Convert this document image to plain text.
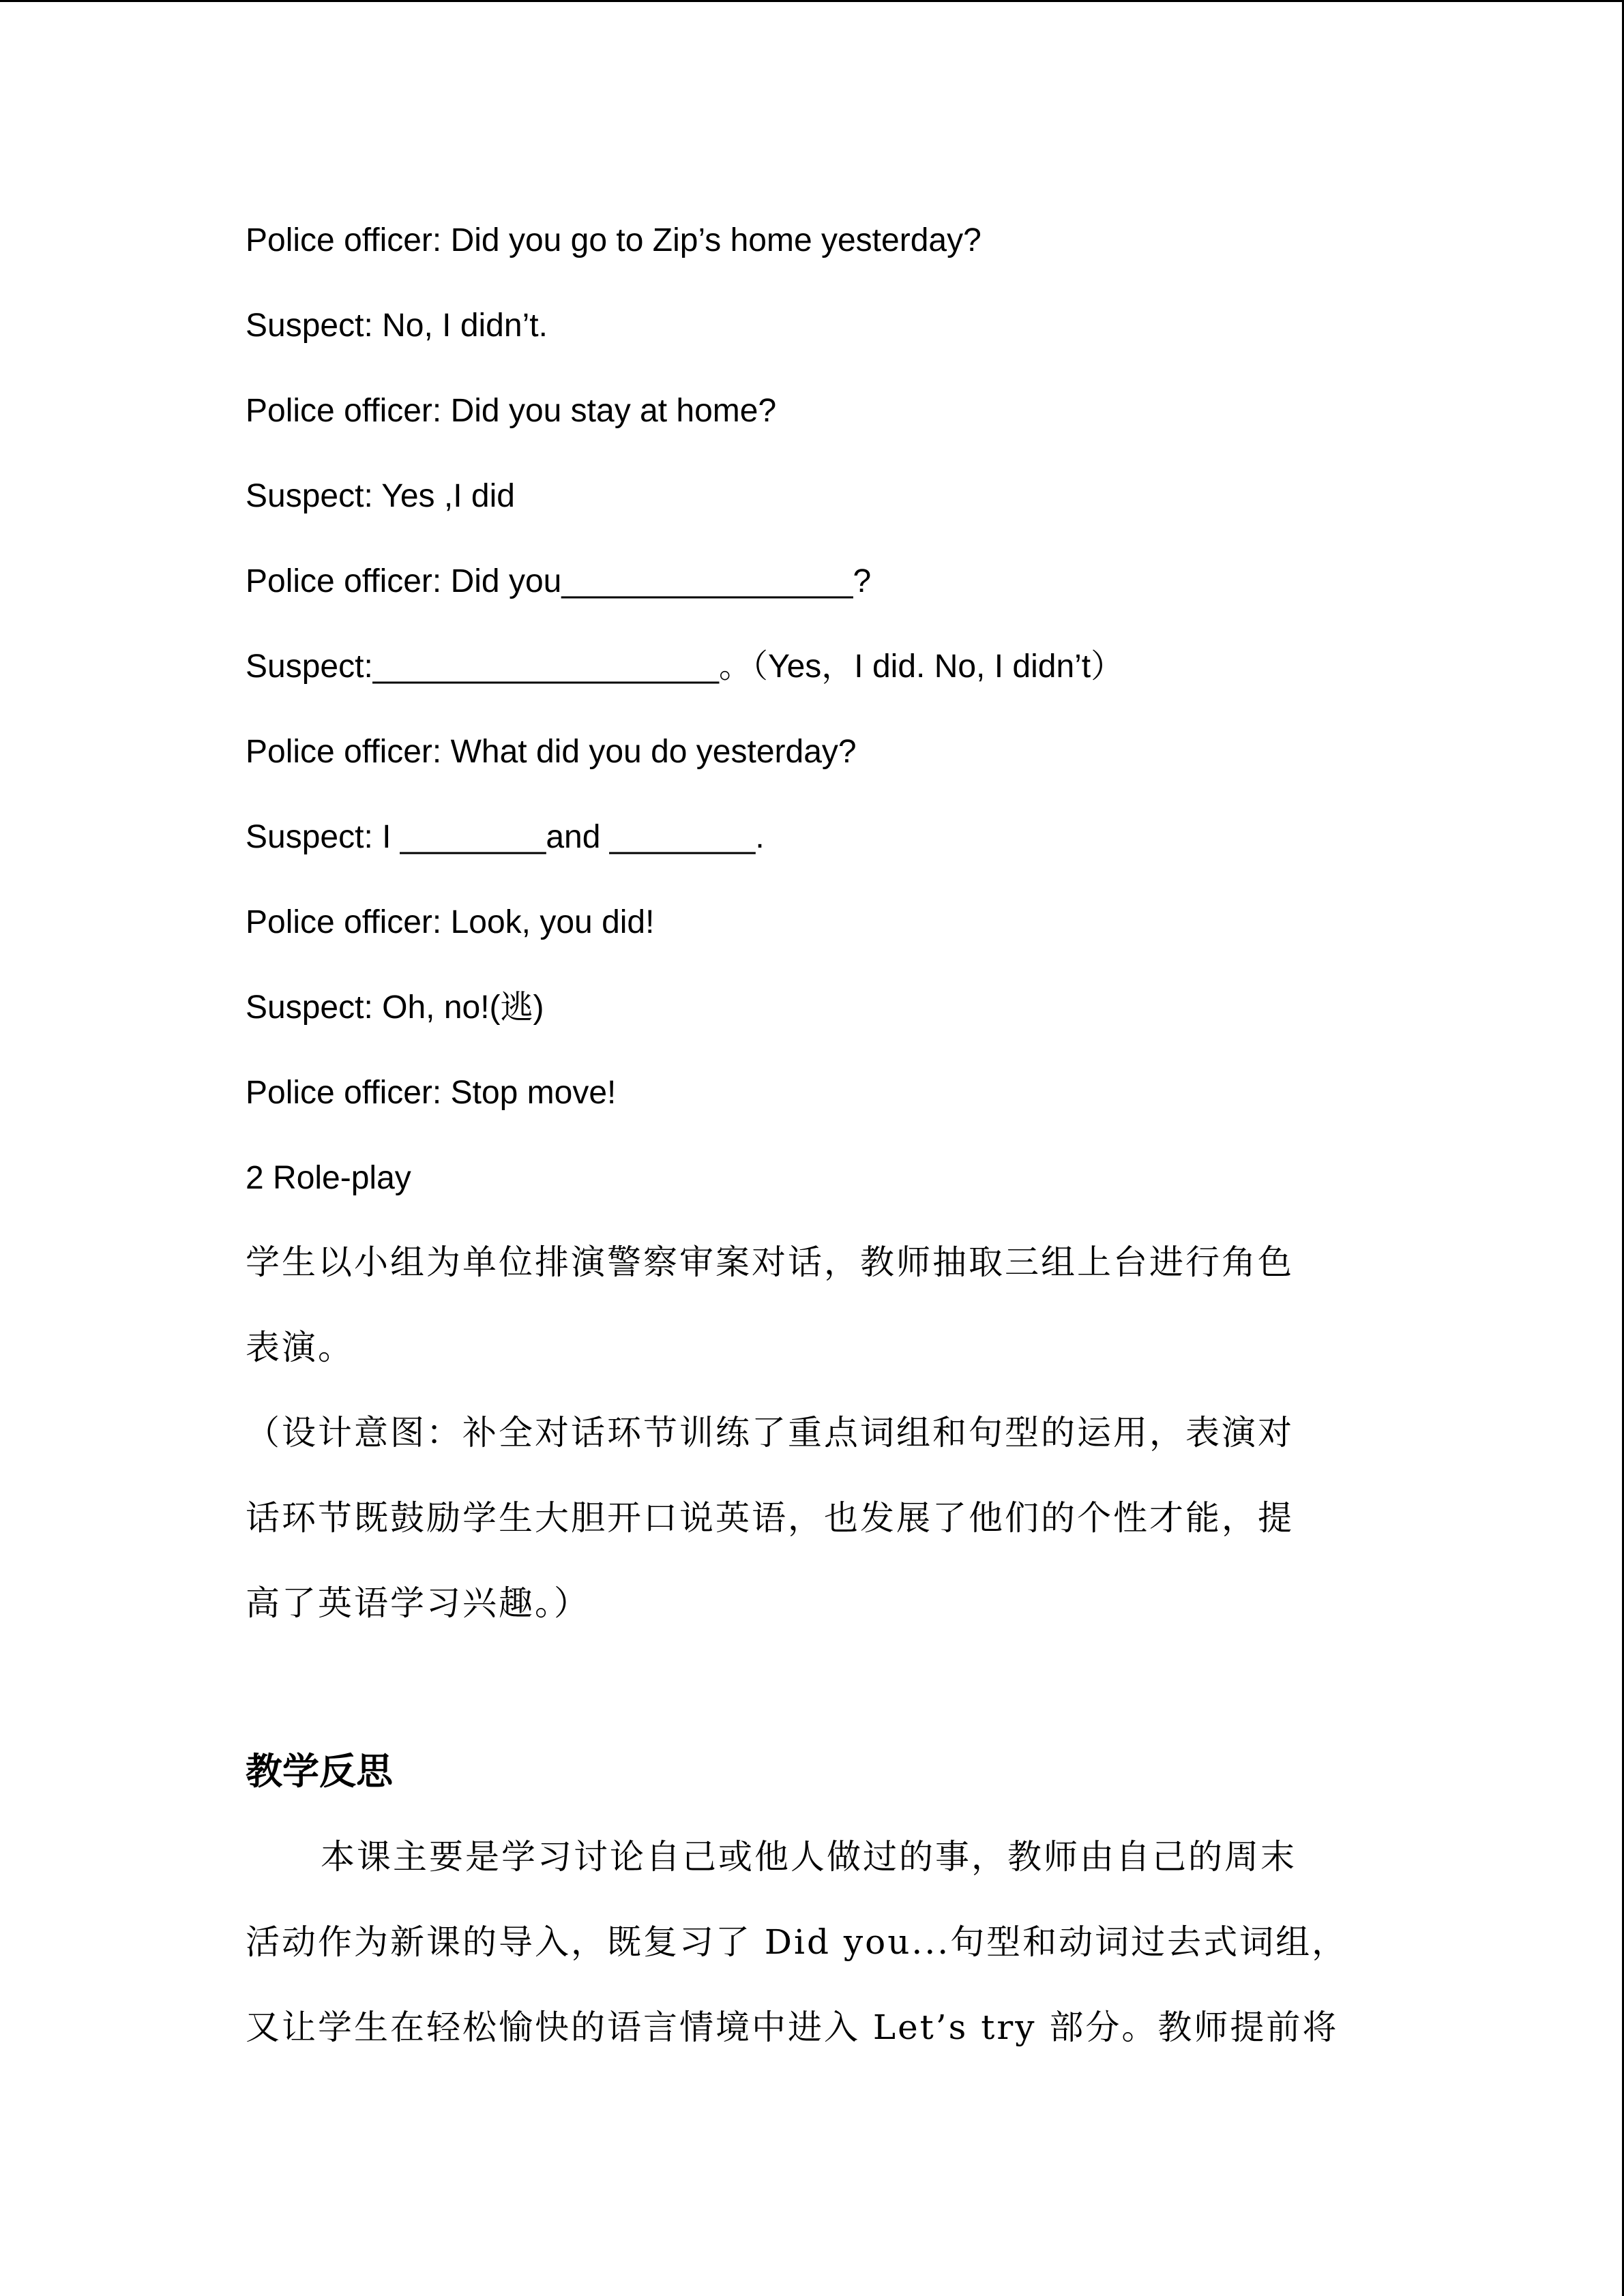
Police officer: Did you go to Zip’s home yesterday?
Suspect: No, I didn’t.
Police officer: Did you stay at home?
Suspect: Yes ,I did
Police officer: Did you________________?
Suspect:___________________。（Yes，I did. No, I didn’t）
Police officer: What did you do yesterday?
Suspect: I ________and ________.
Police officer: Look, you did!
Suspect: Oh, no!(逃)
Police officer: Stop move!
2 Role-play
学生以小组为单位排演警察审案对话，教师抽取三组上台进行角色
表演。
（设计意图：补全对话环节训练了重点词组和句型的运用，表演对
话环节既鼓励学生大胆开口说英语，也发展了他们的个性才能，提
高了英语学习兴趣。）
教学反思
本课主要是学习讨论自己或他人做过的事，教师由自己的周末
活动作为新课的导入，既复习了 Did you...句型和动词过去式词组，
又让学生在轻松愉快的语言情境中进入 Let’s try 部分。教师提前将
